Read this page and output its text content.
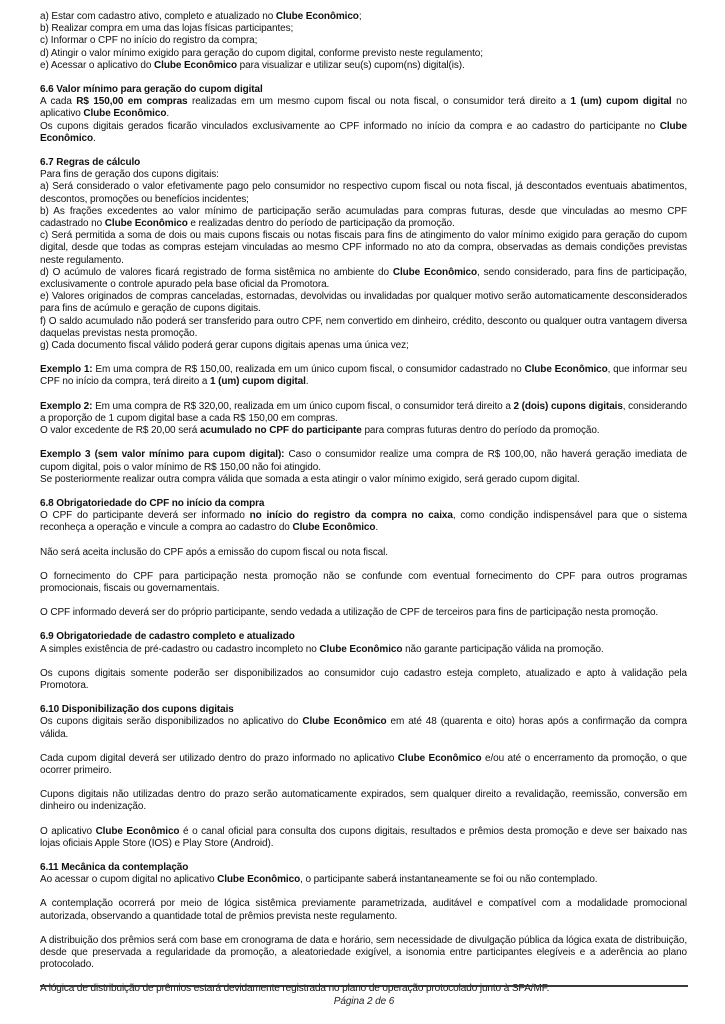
a) Estar com cadastro ativo, completo e atualizado no Clube Econômico;
b) Realizar compra em uma das lojas físicas participantes;
c) Informar o CPF no início do registro da compra;
d) Atingir o valor mínimo exigido para geração do cupom digital, conforme previsto neste regulamento;
e) Acessar o aplicativo do Clube Econômico para visualizar e utilizar seu(s) cupom(ns) digital(is).
6.6 Valor mínimo para geração do cupom digital
A cada R$ 150,00 em compras realizadas em um mesmo cupom fiscal ou nota fiscal, o consumidor terá direito a 1 (um) cupom digital no aplicativo Clube Econômico.
Os cupons digitais gerados ficarão vinculados exclusivamente ao CPF informado no início da compra e ao cadastro do participante no Clube Econômico.
6.7 Regras de cálculo
Para fins de geração dos cupons digitais:
a) Será considerado o valor efetivamente pago pelo consumidor no respectivo cupom fiscal ou nota fiscal, já descontados eventuais abatimentos, descontos, promoções ou benefícios incidentes;
b) As frações excedentes ao valor mínimo de participação serão acumuladas para compras futuras, desde que vinculadas ao mesmo CPF cadastrado no Clube Econômico e realizadas dentro do período de participação da promoção.
c) Será permitida a soma de dois ou mais cupons fiscais ou notas fiscais para fins de atingimento do valor mínimo exigido para geração do cupom digital, desde que todas as compras estejam vinculadas ao mesmo CPF informado no ato da compra, observadas as demais condições previstas neste regulamento.
d) O acúmulo de valores ficará registrado de forma sistêmica no ambiente do Clube Econômico, sendo considerado, para fins de participação, exclusivamente o controle apurado pela base oficial da Promotora.
e) Valores originados de compras canceladas, estornadas, devolvidas ou invalidadas por qualquer motivo serão automaticamente desconsiderados para fins de acúmulo e geração de cupons digitais.
f) O saldo acumulado não poderá ser transferido para outro CPF, nem convertido em dinheiro, crédito, desconto ou qualquer outra vantagem diversa daquelas previstas nesta promoção.
g) Cada documento fiscal válido poderá gerar cupons digitais apenas uma única vez;
Exemplo 1: Em uma compra de R$ 150,00, realizada em um único cupom fiscal, o consumidor cadastrado no Clube Econômico, que informar seu CPF no início da compra, terá direito a 1 (um) cupom digital.
Exemplo 2: Em uma compra de R$ 320,00, realizada em um único cupom fiscal, o consumidor terá direito a 2 (dois) cupons digitais, considerando a proporção de 1 cupom digital base a cada R$ 150,00 em compras.
O valor excedente de R$ 20,00 será acumulado no CPF do participante para compras futuras dentro do período da promoção.
Exemplo 3 (sem valor mínimo para cupom digital): Caso o consumidor realize uma compra de R$ 100,00, não haverá geração imediata de cupom digital, pois o valor mínimo de R$ 150,00 não foi atingido.
Se posteriormente realizar outra compra válida que somada a esta atingir o valor mínimo exigido, será gerado cupom digital.
6.8 Obrigatoriedade do CPF no início da compra
O CPF do participante deverá ser informado no início do registro da compra no caixa, como condição indispensável para que o sistema reconheça a operação e vincule a compra ao cadastro do Clube Econômico.
Não será aceita inclusão do CPF após a emissão do cupom fiscal ou nota fiscal.
O fornecimento do CPF para participação nesta promoção não se confunde com eventual fornecimento do CPF para outros programas promocionais, fiscais ou governamentais.
O CPF informado deverá ser do próprio participante, sendo vedada a utilização de CPF de terceiros para fins de participação nesta promoção.
6.9 Obrigatoriedade de cadastro completo e atualizado
A simples existência de pré-cadastro ou cadastro incompleto no Clube Econômico não garante participação válida na promoção.
Os cupons digitais somente poderão ser disponibilizados ao consumidor cujo cadastro esteja completo, atualizado e apto à validação pela Promotora.
6.10 Disponibilização dos cupons digitais
Os cupons digitais serão disponibilizados no aplicativo do Clube Econômico em até 48 (quarenta e oito) horas após a confirmação da compra válida.
Cada cupom digital deverá ser utilizado dentro do prazo informado no aplicativo Clube Econômico e/ou até o encerramento da promoção, o que ocorrer primeiro.
Cupons digitais não utilizadas dentro do prazo serão automaticamente expirados, sem qualquer direito a revalidação, reemissão, conversão em dinheiro ou indenização.
O aplicativo Clube Econômico é o canal oficial para consulta dos cupons digitais, resultados e prêmios desta promoção e deve ser baixado nas lojas oficiais Apple Store (IOS) e Play Store (Android).
6.11 Mecânica da contemplação
Ao acessar o cupom digital no aplicativo Clube Econômico, o participante saberá instantaneamente se foi ou não contemplado.
A contemplação ocorrerá por meio de lógica sistêmica previamente parametrizada, auditável e compatível com a modalidade promocional autorizada, observando a quantidade total de prêmios prevista neste regulamento.
A distribuição dos prêmios será com base em cronograma de data e horário, sem necessidade de divulgação pública da lógica exata de distribuição, desde que preservada a regularidade da promoção, a aleatoriedade exigível, a isonomia entre participantes elegíveis e a aderência ao plano protocolado.
A lógica de distribuição de prêmios estará devidamente registrada no plano de operação protocolado junto à SPA/MF.
Página 2 de 6
